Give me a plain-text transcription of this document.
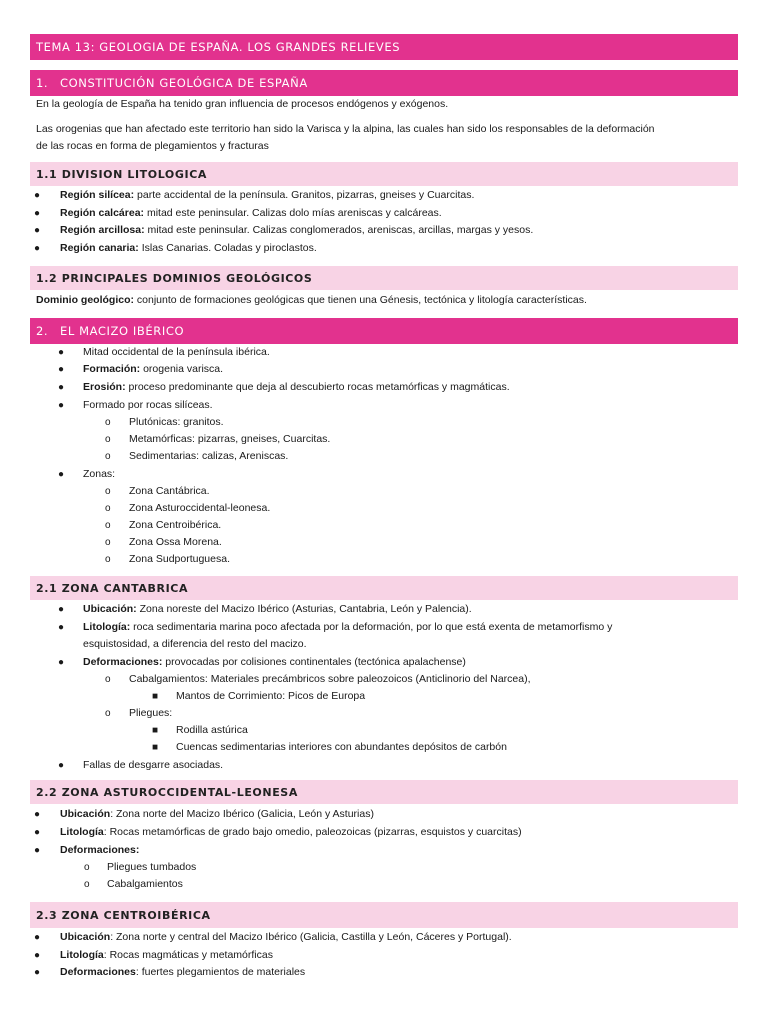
TEMA 13: GEOLOGIA DE ESPAÑA. LOS GRANDES RELIEVES
1.	CONSTITUCIÓN GEOLÓGICA DE ESPAÑA
En la geología de España ha tenido gran influencia de procesos endógenos y exógenos.
Las orogenias que han afectado este territorio han sido la Varisca y la alpina, las cuales han sido los responsables de la deformación
de las rocas en forma de plegamientos y fracturas
1.1 DIVISION LITOLOGICA
● Región silícea: parte accidental de la península. Granitos, pizarras, gneises y Cuarcitas.
● Región calcárea: mitad este peninsular. Calizas dolo mías areniscas y calcáreas.
● Región arcillosa: mitad este peninsular. Calizas conglomerados, areniscas, arcillas, margas y yesos.
● Región canaria: Islas Canarias. Coladas y piroclastos.
1.2 PRINCIPALES DOMINIOS GEOLÓGICOS
Dominio geológico: conjunto de formaciones geológicas que tienen una Génesis, tectónica y litología características.
2.	EL MACIZO IBÉRICO
● Mitad occidental de la península ibérica.
● Formación: orogenia varisca.
● Erosión: proceso predominante que deja al descubierto rocas metamórficas y magmáticas.
● Formado por rocas silíceas.
o Plutónicas: granitos.
o Metamórficas: pizarras, gneises, Cuarcitas.
o Sedimentarias: calizas, Areniscas.
● Zonas:
o Zona Cantábrica.
o Zona Asturoccidental-leonesa.
o Zona Centroibérica.
o Zona Ossa Morena.
o Zona Sudportuguesa.
2.1 ZONA CANTABRICA
● Ubicación: Zona noreste del Macizo Ibérico (Asturias, Cantabria, León y Palencia).
● Litología: roca sedimentaria marina poco afectada por la deformación, por lo que está exenta de metamorfismo y
esquistosidad, a diferencia del resto del macizo.
● Deformaciones: provocadas por colisiones continentales (tectónica apalachense)
o Cabalgamientos: Materiales precámbricos sobre paleozoicos (Anticlinorio del Narcea),
■ Mantos de Corrimiento: Picos de Europa
o Pliegues:
■ Rodilla astúrica
■ Cuencas sedimentarias interiores con abundantes depósitos de carbón
● Fallas de desgarre asociadas.
2.2 ZONA ASTUROCCIDENTAL-LEONESA
● Ubicación: Zona norte del Macizo Ibérico (Galicia, León y Asturias)
● Litología: Rocas metamórficas de grado bajo omedio, paleozoicas (pizarras, esquistos y cuarcitas)
● Deformaciones:
o Pliegues tumbados
o Cabalgamientos
2.3 ZONA CENTROIBÉRICA
● Ubicación: Zona norte y central del Macizo Ibérico (Galicia, Castilla y León, Cáceres y Portugal).
● Litología: Rocas magmáticas y metamórficas
● Deformaciones: fuertes plegamientos de materiales
